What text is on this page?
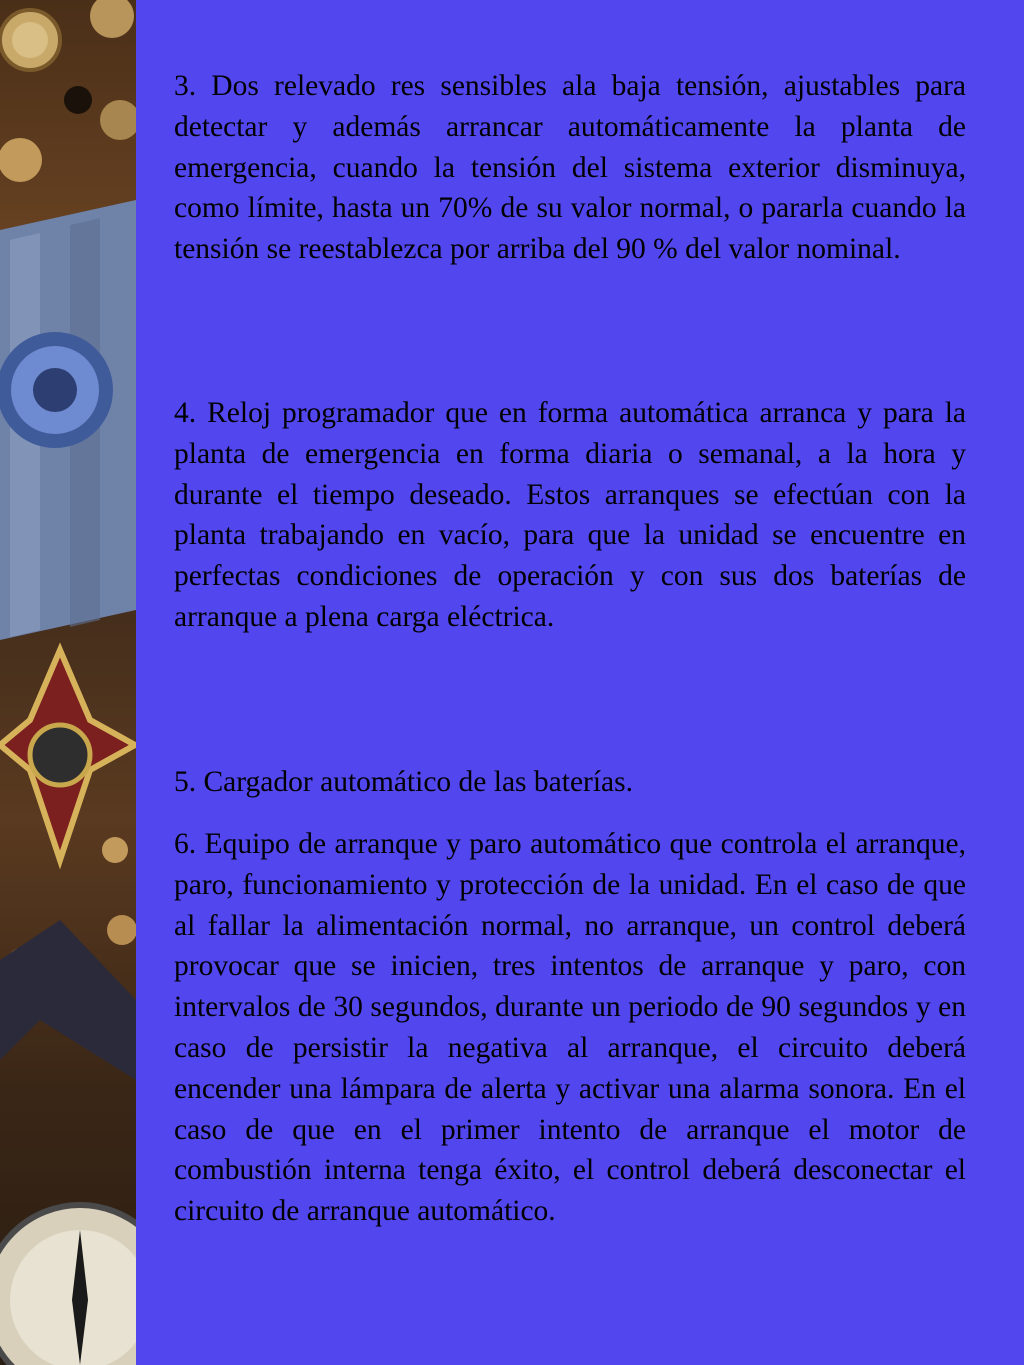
3. Dos relevado res sensibles ala baja tensión, ajustables para detectar y además arrancar automáticamente la planta de emergencia, cuando la tensión del sistema exterior disminuya, como límite, hasta un 70% de su valor normal, o pararla cuando la tensión se reestablezca por arriba del 90 % del valor nominal.

4. Reloj programador que en forma automática arranca y para la planta de emergencia en forma diaria o semanal, a la hora y durante el tiempo deseado. Estos arranques se efectúan con la planta trabajando en vacío, para que la unidad se encuentre en perfectas condiciones de operación y con sus dos baterías de arranque a plena carga eléctrica.

5. Cargador automático de las baterías.

6. Equipo de arranque y paro automático que controla el arranque, paro, funcionamiento y protección de la unidad. En el caso de que al fallar la alimentación normal, no arranque, un control deberá provocar que se inicien, tres intentos de arranque y paro, con intervalos de 30 segundos, durante un periodo de 90 segundos y en caso de persistir la negativa al arranque, el circuito deberá encender una lámpara de alerta y activar una alarma sonora. En el caso de que en el primer intento de arranque el motor de combustión interna tenga éxito, el control deberá desconectar el circuito de arranque automático.
